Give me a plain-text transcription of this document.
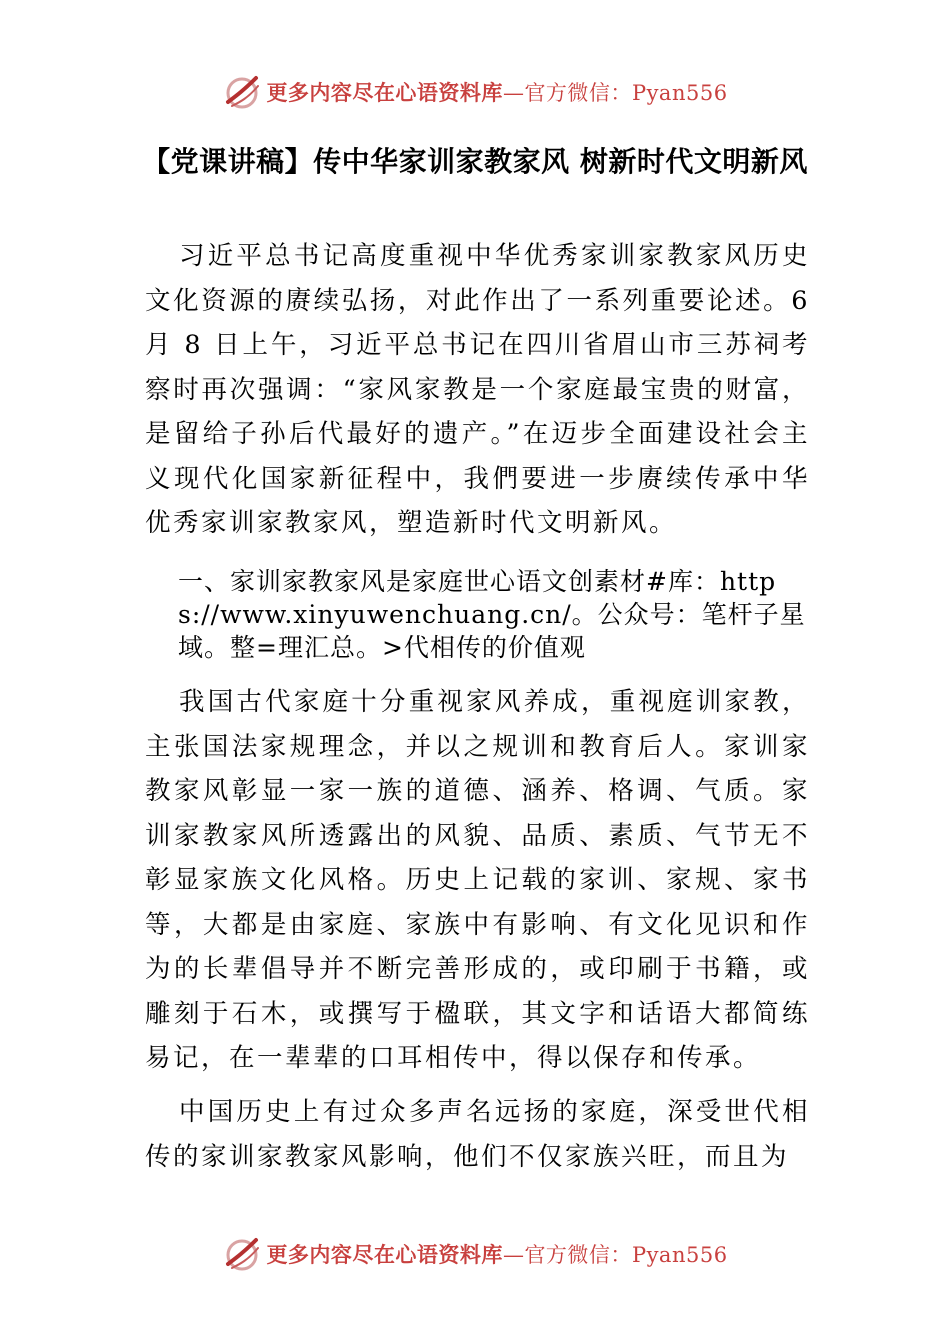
更多内容尽在心语资料库—官方微信：Pyan556
【党课讲稿】传中华家训家教家风 树新时代文明新风

习近平总书记高度重视中华优秀家训家教家风历史文化资源的赓续弘扬，对此作出了一系列重要论述。6 月 8 日上午，习近平总书记在四川省眉山市三苏祠考察时再次强调：“家风家教是一个家庭最宝贵的财富，是留给子孙后代最好的遗产。”在迈步全面建设社会主义现代化国家新征程中，我們要进一步赓续传承中华优秀家训家教家风，塑造新时代文明新风。

一、家训家教家风是家庭世心语文创素材#库：https://www.xinyuwenchuang.cn/。公众号：笔杆子星域。整=理汇总。>代相传的价值观

我国古代家庭十分重视家风养成，重视庭训家教，主张国法家规理念，并以之规训和教育后人。家训家教家风彰显一家一族的道德、涵养、格调、气质。家训家教家风所透露出的风貌、品质、素质、气节无不彰显家族文化风格。历史上记载的家训、家规、家书等，大都是由家庭、家族中有影响、有文化见识和作为的长辈倡导并不断完善形成的，或印刷于书籍，或雕刻于石木，或撰写于楹联，其文字和话语大都简练易记，在一辈辈的口耳相传中，得以保存和传承。

中国历史上有过众多声名远扬的家庭，深受世代相传的家训家教家风影响，他们不仅家族兴旺，而且为

更多内容尽在心语资料库—官方微信：Pyan556
